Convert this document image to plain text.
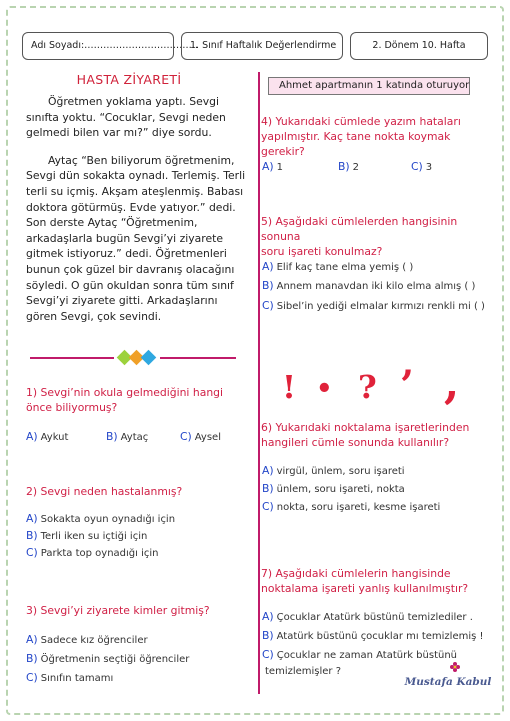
Adı Soyadı:………………………………
1. Sınıf Haftalık Değerlendirme	2. Dönem 10. Hafta
HASTA ZİYARETİ

Öğretmen yoklama yaptı. Sevgi sınıfta yoktu. “Cocuklar, Sevgi neden gelmedi bilen var mı?” diye sordu.

Aytaç “Ben biliyorum öğretmenim, Sevgi dün sokakta oynadı. Terlemiş. Terli terli su içmiş. Akşam ateşlenmiş. Babası doktora götürmüş. Evde yatıyor.” dedi. Son derste Aytaç “Öğretmenim, arkadaşlarla bugün Sevgi’yi ziyarete gitmek istiyoruz.” dedi. Öğretmenleri bunun çok güzel bir davranış olacağını söyledi. O gün okuldan sonra tüm sınıf Sevgi’yi ziyarete gitti. Arkadaşlarını gören Sevgi, çok sevindi.

1) Sevgi’nin okula gelmediğini hangi önce biliyormuş?
A) Aykut	B) Aytaç	C) Aysel
2) Sevgi neden hastalanmış?
A) Sokakta oyun oynadığı için
B) Terli iken su içtiği için
C) Parkta top oynadığı için
3) Sevgi’yi ziyarete kimler gitmiş?
A) Sadece kız öğrenciler
B) Öğretmenin seçtiği öğrenciler
C) Sınıfın tamamı
Ahmet apartmanın 1 katında oturuyor
4) Yukarıdaki cümlede yazım hataları
yapılmıştır. Kaç tane nokta koymak gerekir?
A) 1	B) 2	C) 3
5) Aşağıdaki cümlelerden hangisinin sonuna
soru işareti konulmaz?
A) Elif kaç tane elma yemiş ( )
B) Annem manavdan iki kilo elma almış ( )
C) Sibel’in yediği elmalar kırmızı renkli mi ( )
! • ? ’ ,
6) Yukarıdaki noktalama işaretlerinden
hangileri cümle sonunda kullanılır?
A) virgül, ünlem, soru işareti
B) ünlem, soru işareti, nokta
C) nokta, soru işareti, kesme işareti
7) Aşağıdaki cümlelerin hangisinde
noktalama işareti yanlış kullanılmıştır?
A) Çocuklar Atatürk büstünü temizlediler .
B) Atatürk büstünü çocuklar mı temizlemiş !
C) Çocuklar ne zaman Atatürk büstünü
temizlemişler ?
Mustafa Kabul
